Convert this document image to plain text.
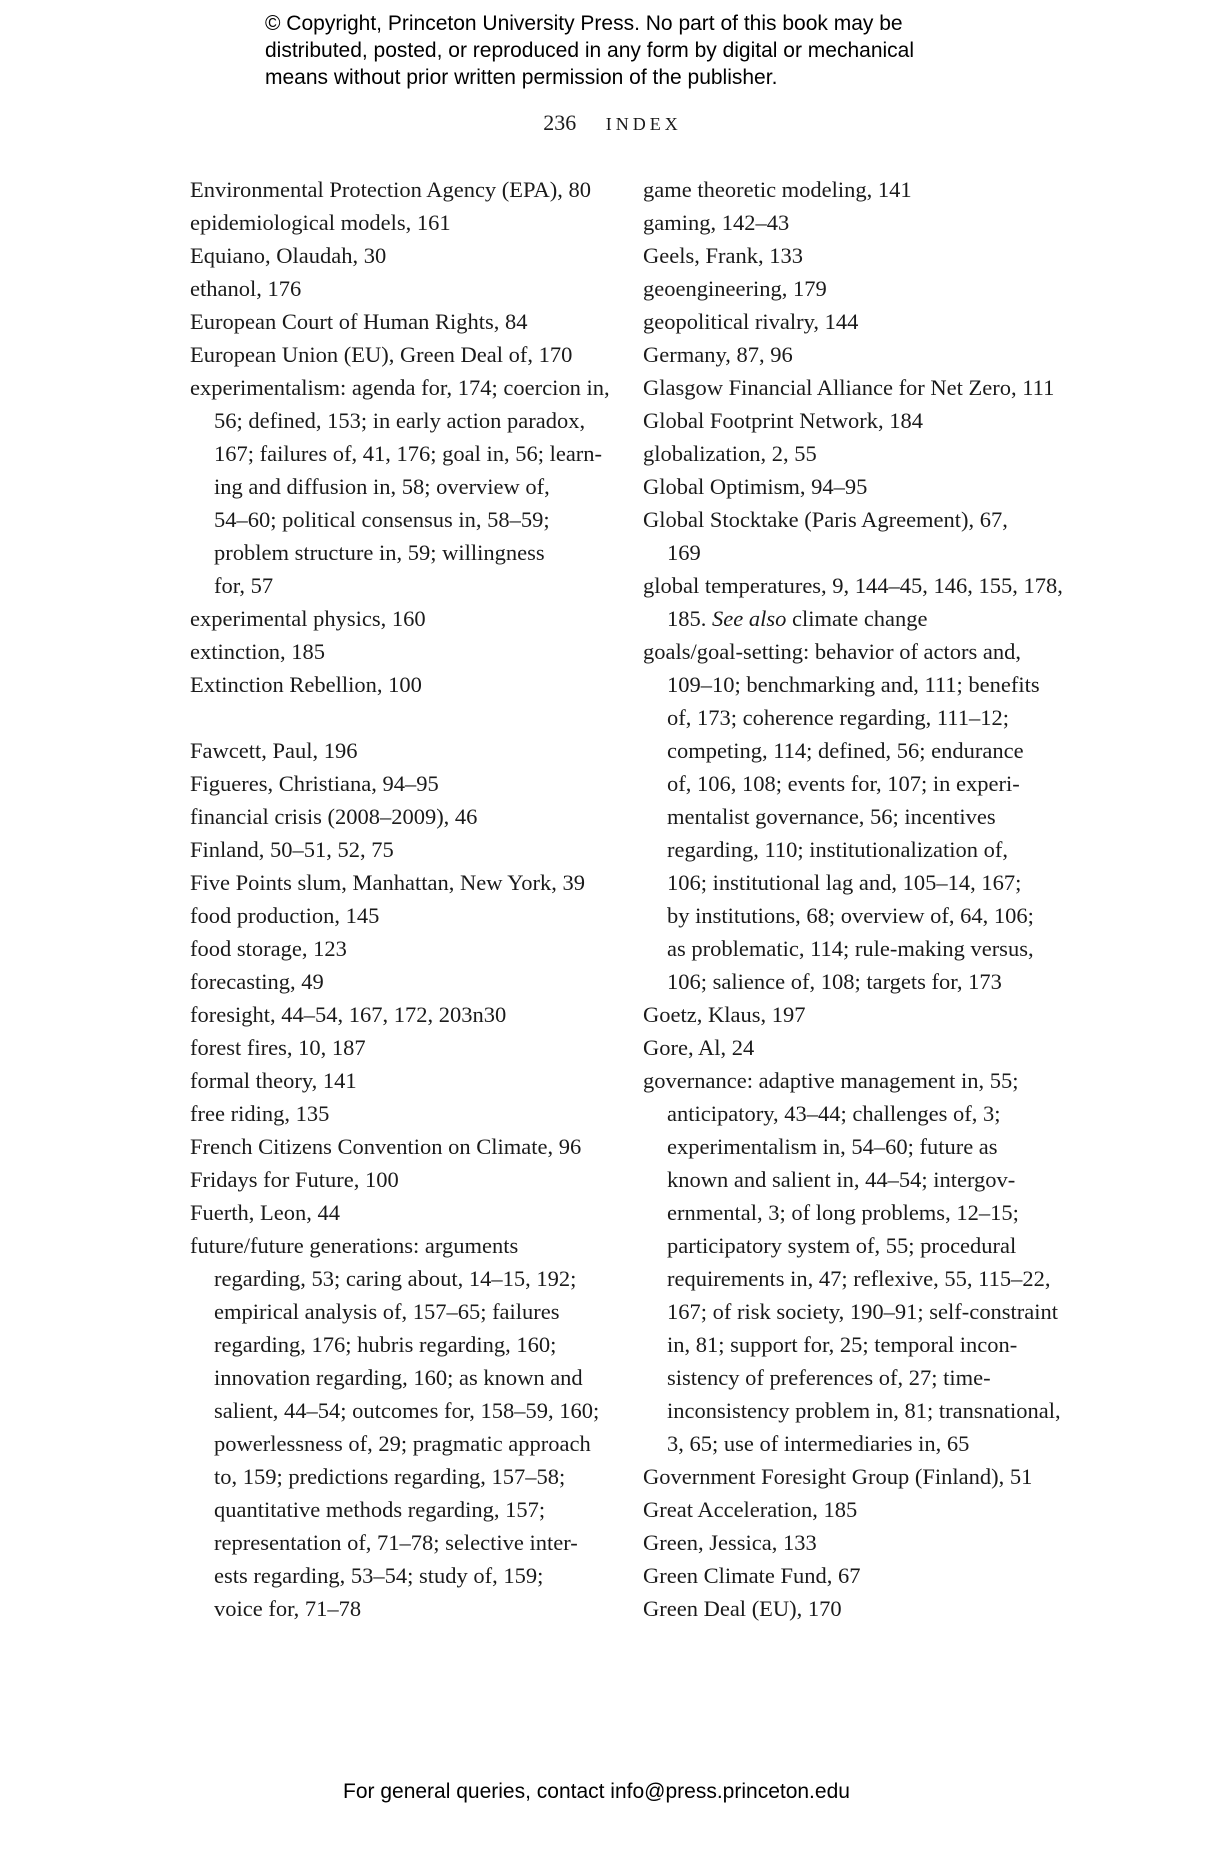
© Copyright, Princeton University Press. No part of this book may be
distributed, posted, or reproduced in any form by digital or mechanical
means without prior written permission of the publisher.
236 INDEX
Environmental Protection Agency (EPA), 80
epidemiological models, 161
Equiano, Olaudah, 30
ethanol, 176
European Court of Human Rights, 84
European Union (EU), Green Deal of, 170
experimentalism: agenda for, 174; coercion in,
56; defined, 153; in early action paradox,
167; failures of, 41, 176; goal in, 56; learn-
ing and diffusion in, 58; overview of,
54–60; political consensus in, 58–59;
problem structure in, 59; willingness
for, 57
experimental physics, 160
extinction, 185
Extinction Rebellion, 100
Fawcett, Paul, 196
Figueres, Christiana, 94–95
financial crisis (2008–2009), 46
Finland, 50–51, 52, 75
Five Points slum, Manhattan, New York, 39
food production, 145
food storage, 123
forecasting, 49
foresight, 44–54, 167, 172, 203n30
forest fires, 10, 187
formal theory, 141
free riding, 135
French Citizens Convention on Climate, 96
Fridays for Future, 100
Fuerth, Leon, 44
future/future generations: arguments
regarding, 53; caring about, 14–15, 192;
empirical analysis of, 157–65; failures
regarding, 176; hubris regarding, 160;
innovation regarding, 160; as known and
salient, 44–54; outcomes for, 158–59, 160;
powerlessness of, 29; pragmatic approach
to, 159; predictions regarding, 157–58;
quantitative methods regarding, 157;
representation of, 71–78; selective inter-
ests regarding, 53–54; study of, 159;
voice for, 71–78
game theoretic modeling, 141
gaming, 142–43
Geels, Frank, 133
geoengineering, 179
geopolitical rivalry, 144
Germany, 87, 96
Glasgow Financial Alliance for Net Zero, 111
Global Footprint Network, 184
globalization, 2, 55
Global Optimism, 94–95
Global Stocktake (Paris Agreement), 67,
169
global temperatures, 9, 144–45, 146, 155, 178,
185. See also climate change
goals/goal-setting: behavior of actors and,
109–10; benchmarking and, 111; benefits
of, 173; coherence regarding, 111–12;
competing, 114; defined, 56; endurance
of, 106, 108; events for, 107; in experi-
mentalist governance, 56; incentives
regarding, 110; institutionalization of,
106; institutional lag and, 105–14, 167;
by institutions, 68; overview of, 64, 106;
as problematic, 114; rule-making versus,
106; salience of, 108; targets for, 173
Goetz, Klaus, 197
Gore, Al, 24
governance: adaptive management in, 55;
anticipatory, 43–44; challenges of, 3;
experimentalism in, 54–60; future as
known and salient in, 44–54; intergov-
ernmental, 3; of long problems, 12–15;
participatory system of, 55; procedural
requirements in, 47; reflexive, 55, 115–22,
167; of risk society, 190–91; self-constraint
in, 81; support for, 25; temporal incon-
sistency of preferences of, 27; time-
inconsistency problem in, 81; transnational,
3, 65; use of intermediaries in, 65
Government Foresight Group (Finland), 51
Great Acceleration, 185
Green, Jessica, 133
Green Climate Fund, 67
Green Deal (EU), 170
For general queries, contact info@press.princeton.edu
